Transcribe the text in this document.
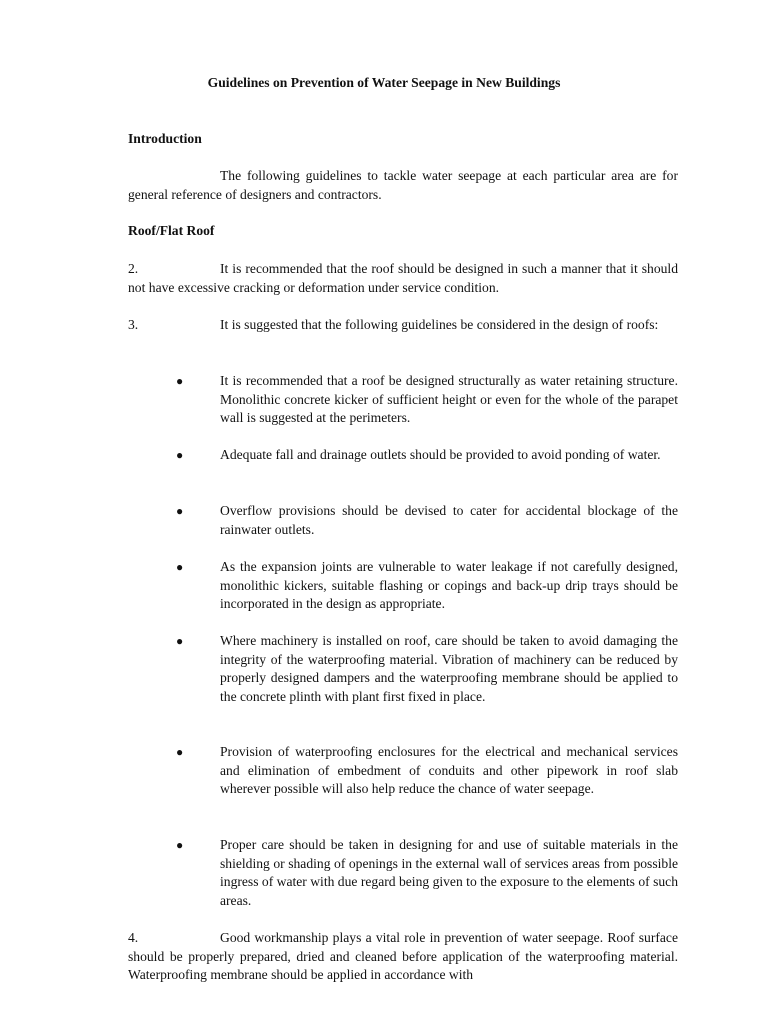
Guidelines on Prevention of Water Seepage in New Buildings
Introduction

The following guidelines to tackle water seepage at each particular area are for general reference of designers and contractors.

Roof/Flat Roof

2.	It is recommended that the roof should be designed in such a manner that it should not have excessive cracking or deformation under service condition.

3.	It is suggested that the following guidelines be considered in the design of roofs:

●	It is recommended that a roof be designed structurally as water retaining structure. Monolithic concrete kicker of sufficient height or even for the whole of the parapet wall is suggested at the perimeters.
●	Adequate fall and drainage outlets should be provided to avoid ponding of water.
●	Overflow provisions should be devised to cater for accidental blockage of the rainwater outlets.
●	As the expansion joints are vulnerable to water leakage if not carefully designed, monolithic kickers, suitable flashing or copings and back-up drip trays should be incorporated in the design as appropriate.
●	Where machinery is installed on roof, care should be taken to avoid damaging the integrity of the waterproofing material. Vibration of machinery can be reduced by properly designed dampers and the waterproofing membrane should be applied to the concrete plinth with plant first fixed in place.
●	Provision of waterproofing enclosures for the electrical and mechanical services and elimination of embedment of conduits and other pipework in roof slab wherever possible will also help reduce the chance of water seepage.
●	Proper care should be taken in designing for and use of suitable materials in the shielding or shading of openings in the external wall of services areas from possible ingress of water with due regard being given to the exposure to the elements of such areas.

4.	Good workmanship plays a vital role in prevention of water seepage. Roof surface should be properly prepared, dried and cleaned before application of the waterproofing material. Waterproofing membrane should be applied in accordance with
